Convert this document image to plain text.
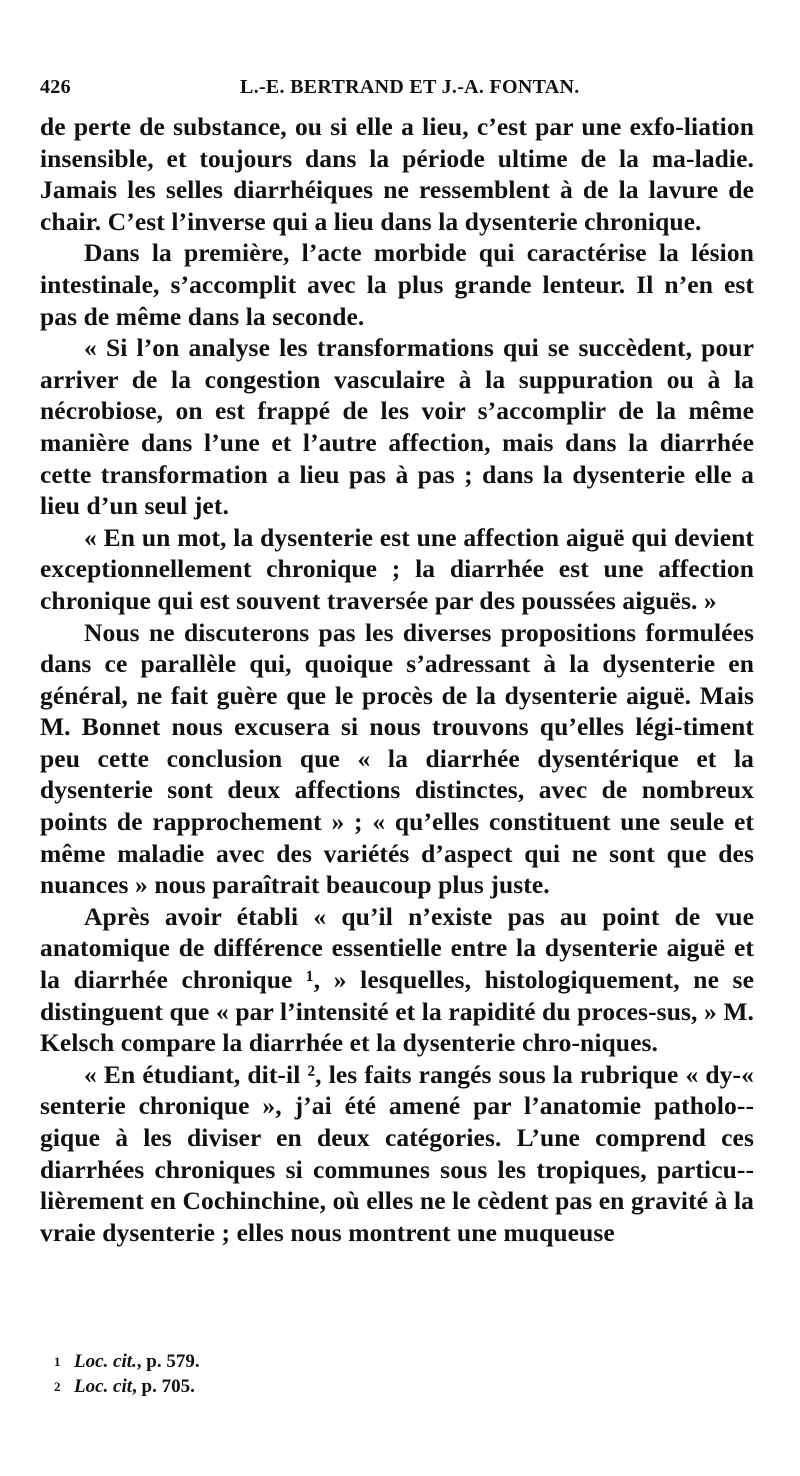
426	L.-E. BERTRAND ET J.-A. FONTAN.

de perte de substance, ou si elle a lieu, c’est par une exfo-liation insensible, et toujours dans la période ultime de la ma-ladie. Jamais les selles diarrhéiques ne ressemblent à de la lavure de chair. C’est l’inverse qui a lieu dans la dysenterie chronique.

Dans la première, l’acte morbide qui caractérise la lésion intestinale, s’accomplit avec la plus grande lenteur. Il n’en est pas de même dans la seconde.

« Si l’on analyse les transformations qui se succèdent, pour arriver de la congestion vasculaire à la suppuration ou à la nécrobiose, on est frappé de les voir s’accomplir de la même manière dans l’une et l’autre affection, mais dans la diarrhée cette transformation a lieu pas à pas ; dans la dysenterie elle a lieu d’un seul jet.

« En un mot, la dysenterie est une affection aiguë qui devient exceptionnellement chronique ; la diarrhée est une affection chronique qui est souvent traversée par des poussées aiguës. »

Nous ne discuterons pas les diverses propositions formulées dans ce parallèle qui, quoique s’adressant à la dysenterie en général, ne fait guère que le procès de la dysenterie aiguë. Mais M. Bonnet nous excusera si nous trouvons qu’elles légi-timent peu cette conclusion que « la diarrhée dysentérique et la dysenterie sont deux affections distinctes, avec de nombreux points de rapprochement » ; « qu’elles constituent une seule et même maladie avec des variétés d’aspect qui ne sont que des nuances » nous paraîtrait beaucoup plus juste.

Après avoir établi « qu’il n’existe pas au point de vue anatomique de différence essentielle entre la dysenterie aiguë et la diarrhée chronique ¹, » lesquelles, histologiquement, ne se distinguent que « par l’intensité et la rapidité du proces-sus, » M. Kelsch compare la diarrhée et la dysenterie chro-niques.

« En étudiant, dit-il ², les faits rangés sous la rubrique « dy-« senterie chronique », j’ai été amené par l’anatomie patholo-gique à les diviser en deux catégories. L’une comprend ces diarrhées chroniques si communes sous les tropiques, particu-lièrement en Cochinchine, où elles ne le cèdent pas en gravité à la vraie dysenterie ; elles nous montrent une muqueuse

1 Loc. cit., p. 579.

2 Loc. cit, p. 705.
